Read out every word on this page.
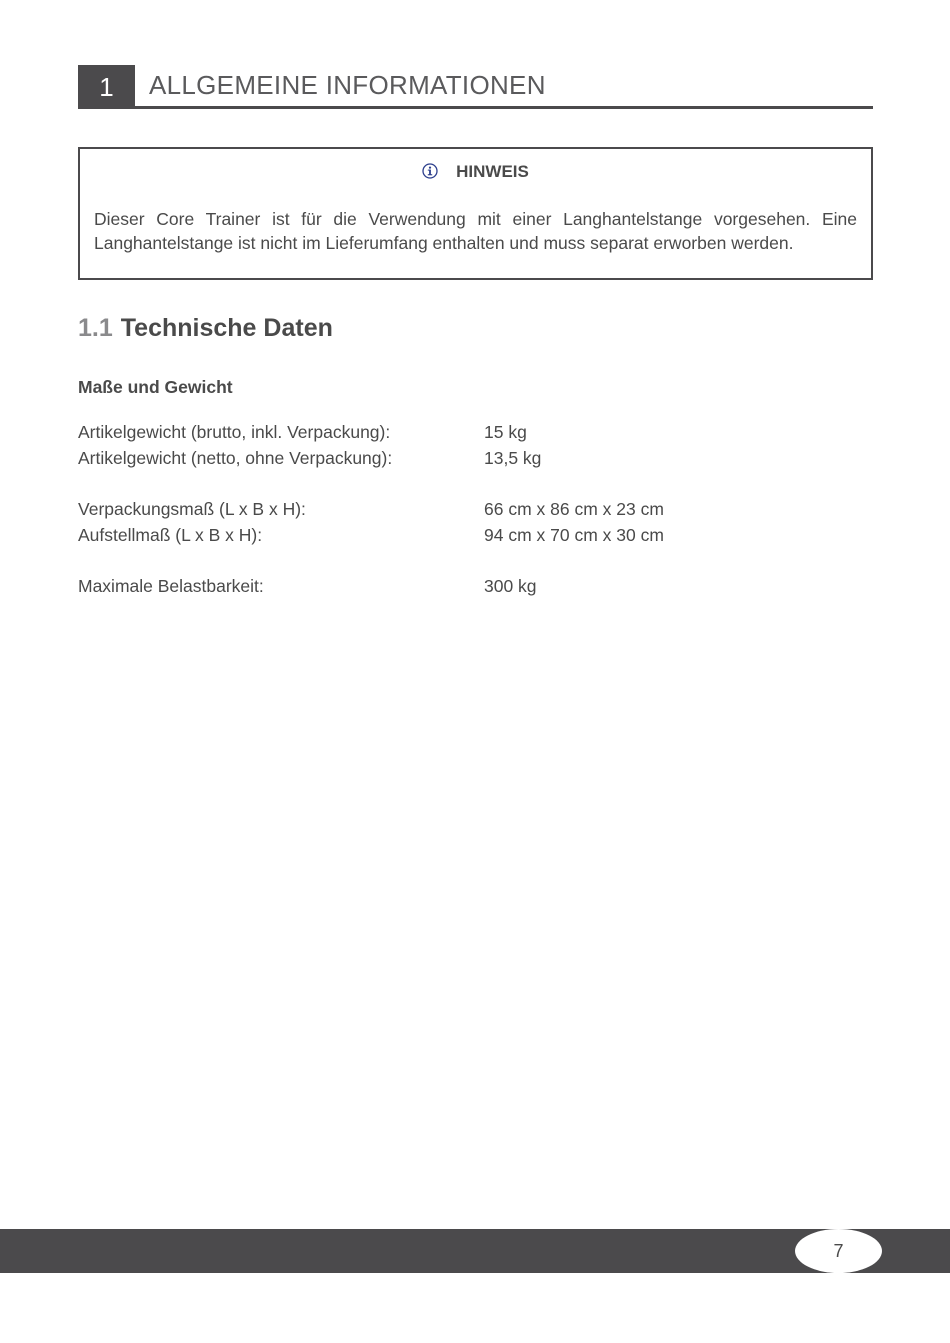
1	ALLGEMEINE INFORMATIONEN
HINWEIS
Dieser Core Trainer ist für die Verwendung mit einer Langhantelstange vorgesehen. Eine Langhantelstange ist nicht im Lieferumfang enthalten und muss separat erworben werden.
1.1 Technische Daten
Maße und Gewicht
Artikelgewicht (brutto, inkl. Verpackung):	15 kg
Artikelgewicht (netto, ohne Verpackung):	13,5 kg
Verpackungsmaß (L x B x H):	66 cm x 86 cm x 23 cm
Aufstellmaß (L x B x H):	94 cm x 70 cm x 30 cm
Maximale Belastbarkeit:	300 kg
7
